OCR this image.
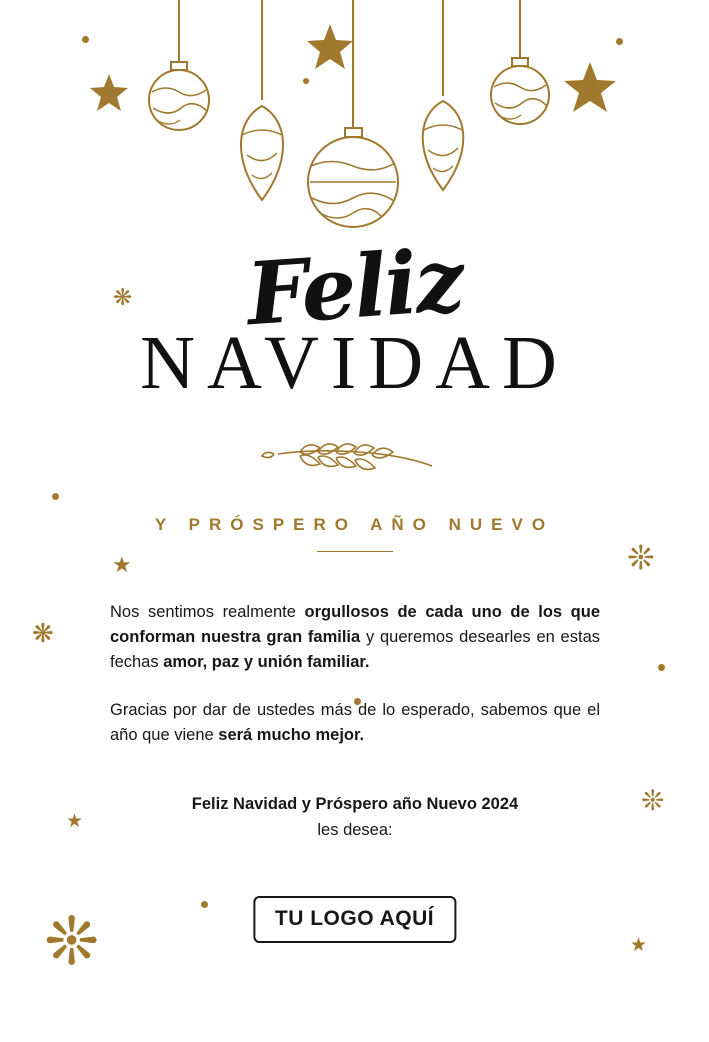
★
★
★
❋
❊
❋
❊
❊
Feliz
NAVIDAD
Y PRÓSPERO AÑO NUEVO

Nos sentimos realmente orgullosos de cada uno de los que conforman nuestra gran familia y queremos desearles en estas fechas amor, paz y unión familiar.

Gracias por dar de ustedes más de lo esperado, sabemos que el año que viene será mucho mejor.

Feliz Navidad y Próspero año Nuevo 2024
les desea:
TU LOGO AQUÍ
